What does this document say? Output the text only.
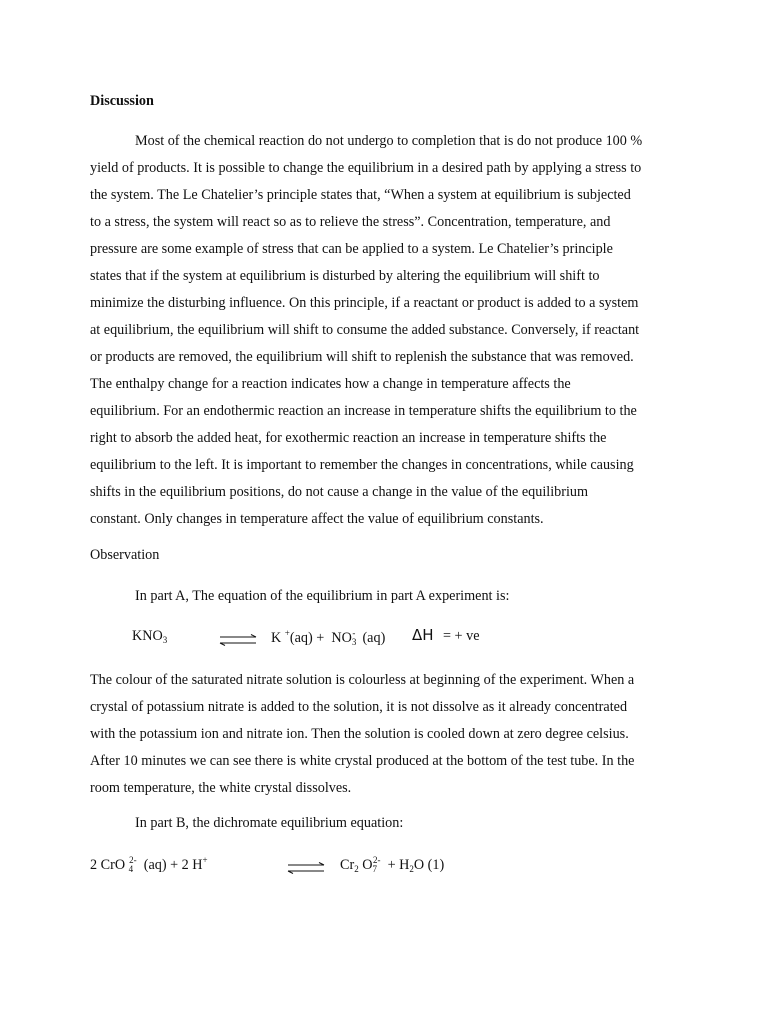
Discussion
Most of the chemical reaction do not undergo to completion that is do not produce 100 %
yield of products. It is possible to change the equilibrium in a desired path by applying a stress to
the system. The Le Chatelier’s principle states that, “When a system at equilibrium is subjected
to a stress, the system will react so as to relieve the stress”. Concentration, temperature, and
pressure are some example of stress that can be applied to a system. Le Chatelier’s principle
states that if the system at equilibrium is disturbed by altering the equilibrium will shift to
minimize the disturbing influence. On this principle, if a reactant or product is added to a system
at equilibrium, the equilibrium will shift to consume the added substance. Conversely, if reactant
or products are removed, the equilibrium will shift to replenish the substance that was removed.
The enthalpy change for a reaction indicates how a change in temperature affects the
equilibrium. For an endothermic reaction an increase in temperature shifts the equilibrium to the
right to absorb the added heat, for exothermic reaction an increase in temperature shifts the
equilibrium to the left. It is important to remember the changes in concentrations, while causing
shifts in the equilibrium positions, do not cause a change in the value of the equilibrium
constant. Only changes in temperature affect the value of equilibrium constants.
Observation
In part A, The equation of the equilibrium in part A experiment is:
$KNO_3$	⇌ K $^+(aq) + NO_3^-$ (aq) ΔH = + ve
The colour of the saturated nitrate solution is colourless at beginning of the experiment. When a
crystal of potassium nitrate is added to the solution, it is not dissolve as it already concentrated
with the potassium ion and nitrate ion. Then the solution is cooled down at zero degree celsius.
After 10 minutes we can see there is white crystal produced at the bottom of the test tube. In the
room temperature, the white crystal dissolves.
In part B, the dichromate equilibrium equation:
2 CrO $_4^{2-}$ (aq) + 2 H+ ⇌ $Cr_2$ $O_7^{2-} + H_2O$ (1)
